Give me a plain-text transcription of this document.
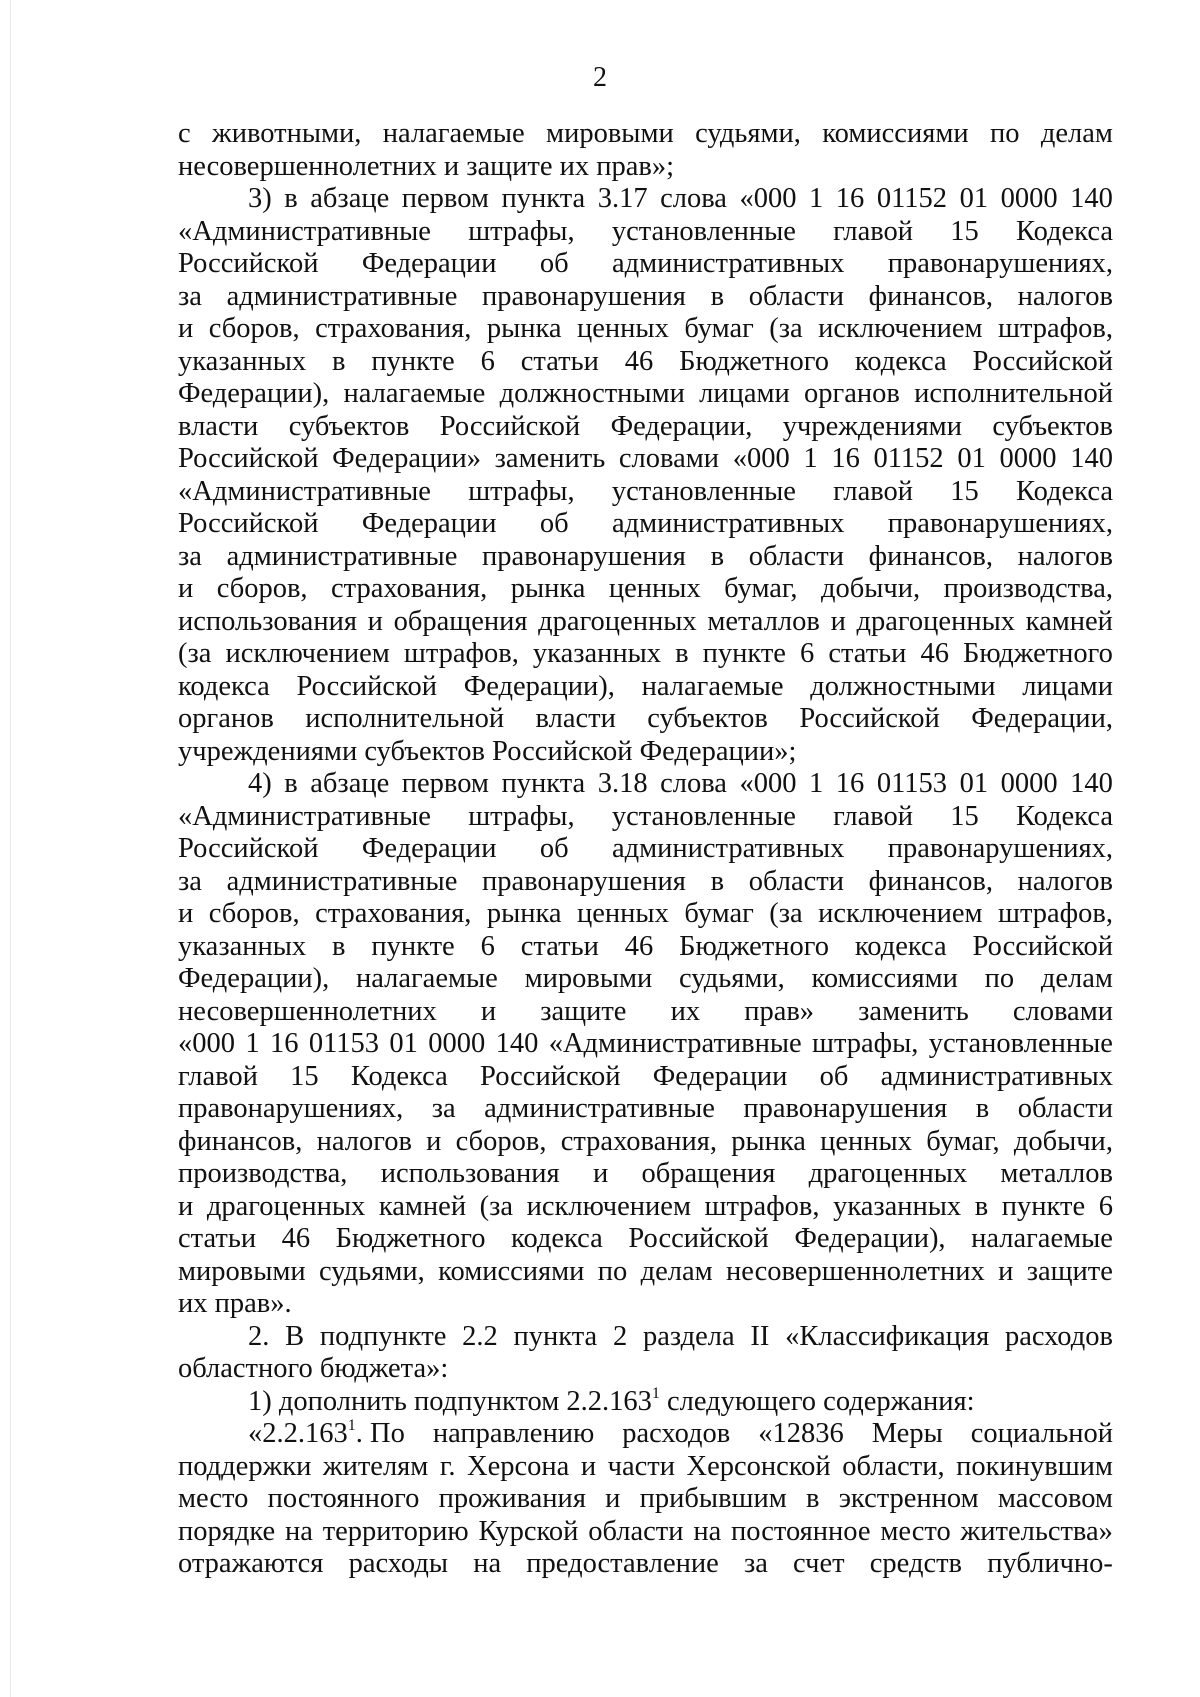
2
с животными, налагаемые мировыми судьями, комиссиями по делам
несовершеннолетних и защите их прав»;
3) в абзаце первом пункта 3.17 слова «000 1 16 01152 01 0000 140
«Административные штрафы, установленные главой 15 Кодекса
Российской Федерации об административных правонарушениях,
за административные правонарушения в области финансов, налогов
и сборов, страхования, рынка ценных бумаг (за исключением штрафов,
указанных в пункте 6 статьи 46 Бюджетного кодекса Российской
Федерации), налагаемые должностными лицами органов исполнительной
власти субъектов Российской Федерации, учреждениями субъектов
Российской Федерации» заменить словами «000 1 16 01152 01 0000 140
«Административные штрафы, установленные главой 15 Кодекса
Российской Федерации об административных правонарушениях,
за административные правонарушения в области финансов, налогов
и сборов, страхования, рынка ценных бумаг, добычи, производства,
использования и обращения драгоценных металлов и драгоценных камней
(за исключением штрафов, указанных в пункте 6 статьи 46 Бюджетного
кодекса Российской Федерации), налагаемые должностными лицами
органов исполнительной власти субъектов Российской Федерации,
учреждениями субъектов Российской Федерации»;
4) в абзаце первом пункта 3.18 слова «000 1 16 01153 01 0000 140
«Административные штрафы, установленные главой 15 Кодекса
Российской Федерации об административных правонарушениях,
за административные правонарушения в области финансов, налогов
и сборов, страхования, рынка ценных бумаг (за исключением штрафов,
указанных в пункте 6 статьи 46 Бюджетного кодекса Российской
Федерации), налагаемые мировыми судьями, комиссиями по делам
несовершеннолетних и защите их прав» заменить словами
«000 1 16 01153 01 0000 140 «Административные штрафы, установленные
главой 15 Кодекса Российской Федерации об административных
правонарушениях, за административные правонарушения в области
финансов, налогов и сборов, страхования, рынка ценных бумаг, добычи,
производства, использования и обращения драгоценных металлов
и драгоценных камней (за исключением штрафов, указанных в пункте 6
статьи 46 Бюджетного кодекса Российской Федерации), налагаемые
мировыми судьями, комиссиями по делам несовершеннолетних и защите
их прав».
2. В подпункте 2.2 пункта 2 раздела II «Классификация расходов
областного бюджета»:
1) дополнить подпунктом 2.2.163$^1$ следующего содержания:
«2.2.163$^1$. По направлению расходов «12836 Меры социальной
поддержки жителям г. Херсона и части Херсонской области, покинувшим
место постоянного проживания и прибывшим в экстренном массовом
порядке на территорию Курской области на постоянное место жительства»
отражаются расходы на предоставление за счет средств публично-
